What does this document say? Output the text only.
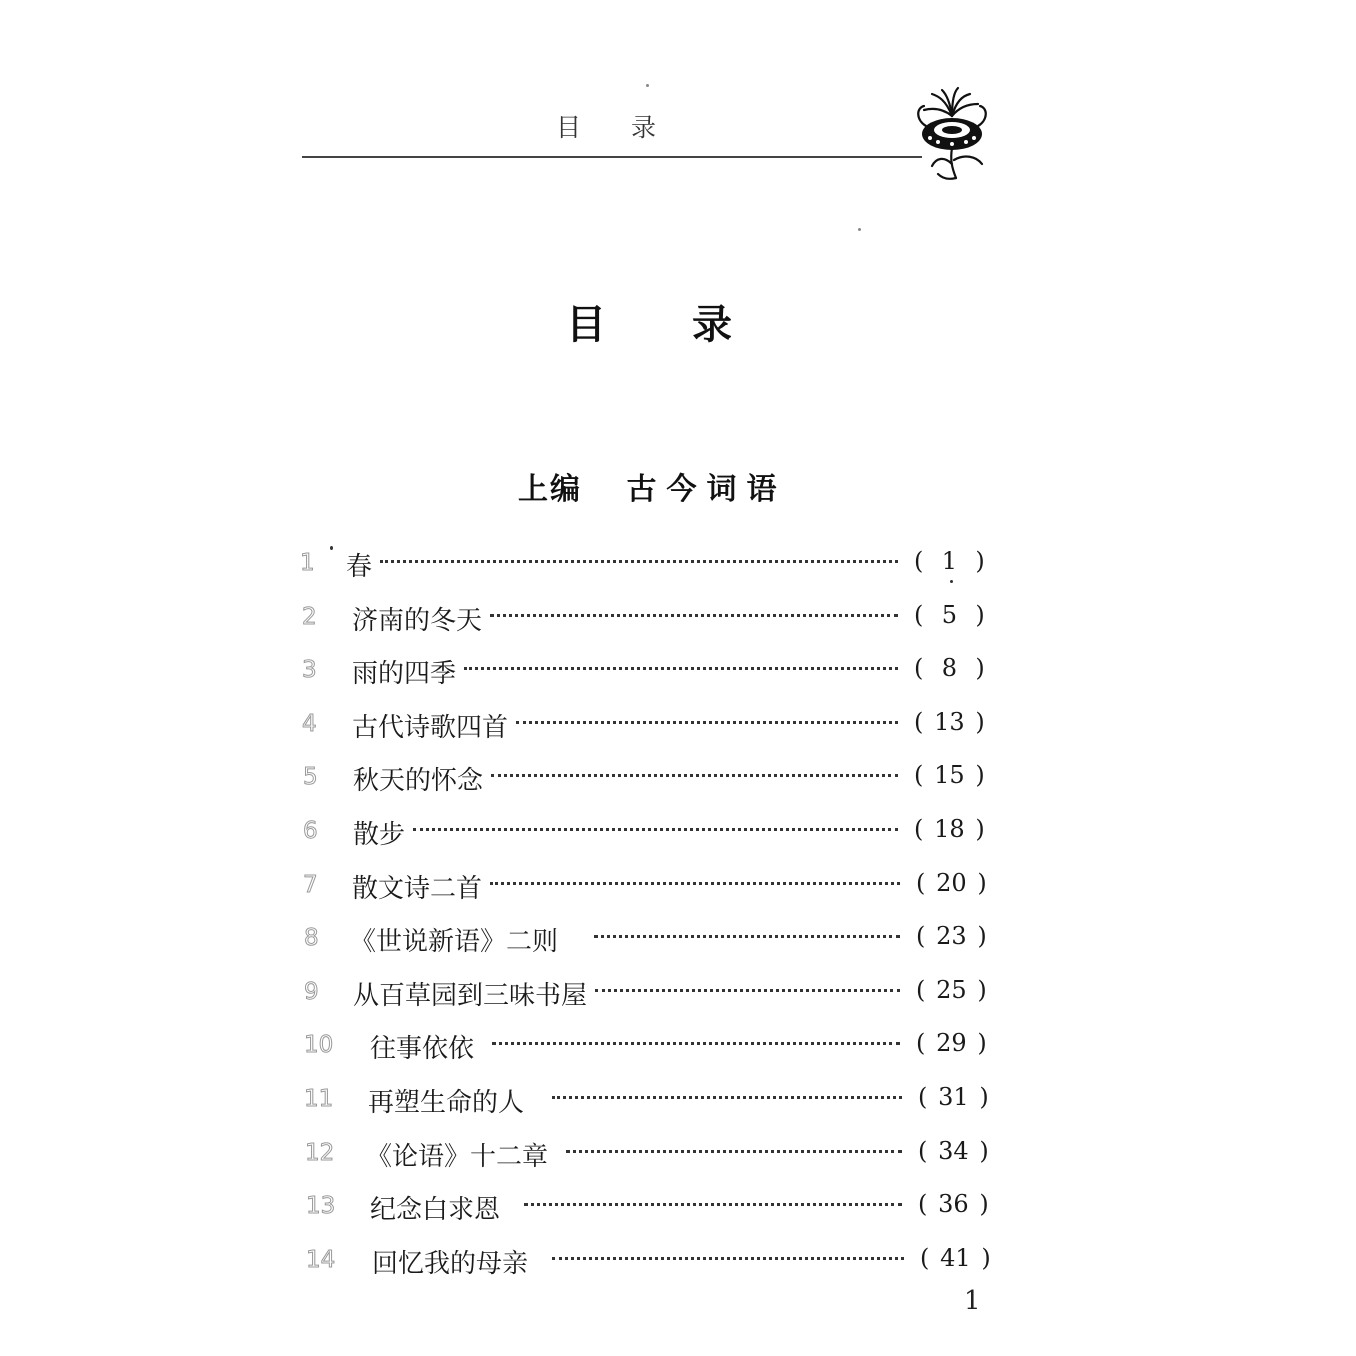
目录
目录
上编 古今词语
1 春	( 1 )
2 济南的冬天	( 5 )
3 雨的四季	( 8 )
4 古代诗歌四首	( 13 )
5 秋天的怀念	( 15 )
6 散步	( 18 )
7 散文诗二首	( 20 )
8 《世说新语》二则	( 23 )
9 从百草园到三味书屋	( 25 )
10 往事依依	( 29 )
11 再塑生命的人	( 31 )
12 《论语》十二章	( 34 )
13 纪念白求恩	( 36 )
14 回忆我的母亲	( 41 )
1
